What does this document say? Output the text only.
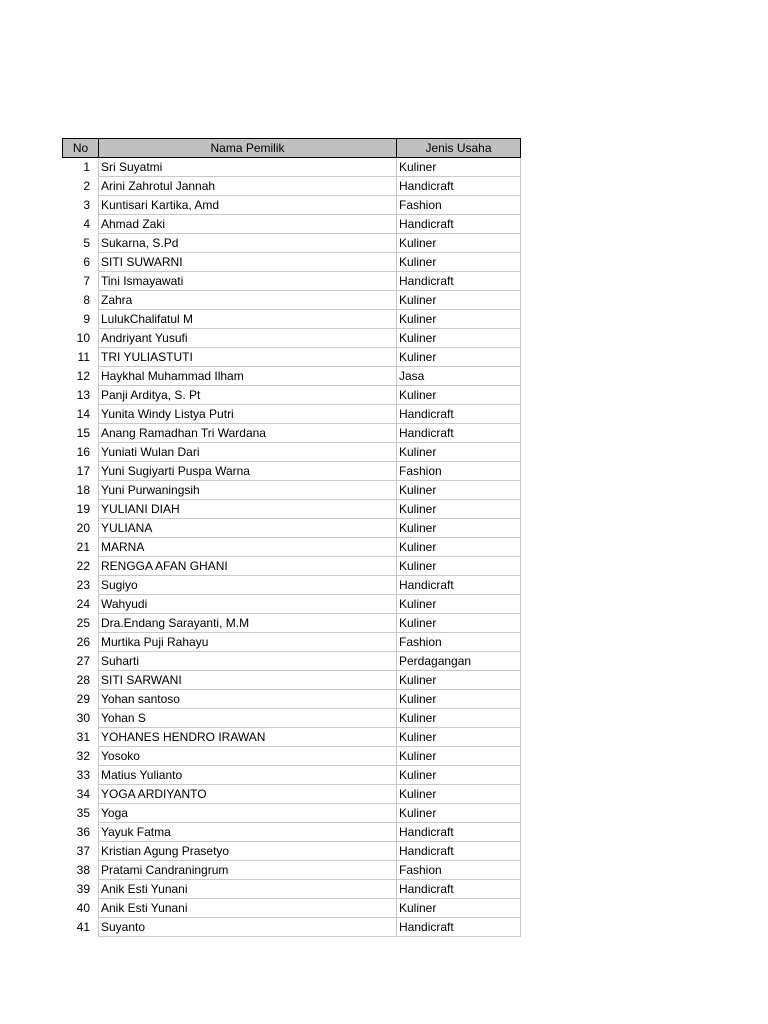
No	Nama Pemilik	Jenis Usaha
1	Sri Suyatmi	Kuliner
2	Arini Zahrotul Jannah	Handicraft
3	Kuntisari Kartika, Amd	Fashion
4	Ahmad Zaki	Handicraft
5	Sukarna, S.Pd	Kuliner
6	SITI SUWARNI	Kuliner
7	Tini Ismayawati	Handicraft
8	Zahra	Kuliner
9	LulukChalifatul M	Kuliner
10	Andriyant Yusufi	Kuliner
11	TRI YULIASTUTI	Kuliner
12	Haykhal Muhammad Ilham	Jasa
13	Panji Arditya, S. Pt	Kuliner
14	Yunita Windy Listya Putri	Handicraft
15	Anang Ramadhan Tri Wardana	Handicraft
16	Yuniati Wulan Dari	Kuliner
17	Yuni Sugiyarti Puspa Warna	Fashion
18	Yuni Purwaningsih	Kuliner
19	YULIANI DIAH	Kuliner
20	YULIANA	Kuliner
21	MARNA	Kuliner
22	RENGGA AFAN GHANI	Kuliner
23	Sugiyo	Handicraft
24	Wahyudi	Kuliner
25	Dra.Endang Sarayanti, M.M	Kuliner
26	Murtika Puji Rahayu	Fashion
27	Suharti	Perdagangan
28	SITI SARWANI	Kuliner
29	Yohan santoso	Kuliner
30	Yohan S	Kuliner
31	YOHANES HENDRO IRAWAN	Kuliner
32	Yosoko	Kuliner
33	Matius Yulianto	Kuliner
34	YOGA ARDIYANTO	Kuliner
35	Yoga	Kuliner
36	Yayuk Fatma	Handicraft
37	Kristian Agung Prasetyo	Handicraft
38	Pratami Candraningrum	Fashion
39	Anik Esti Yunani	Handicraft
40	Anik Esti Yunani	Kuliner
41	Suyanto	Handicraft
